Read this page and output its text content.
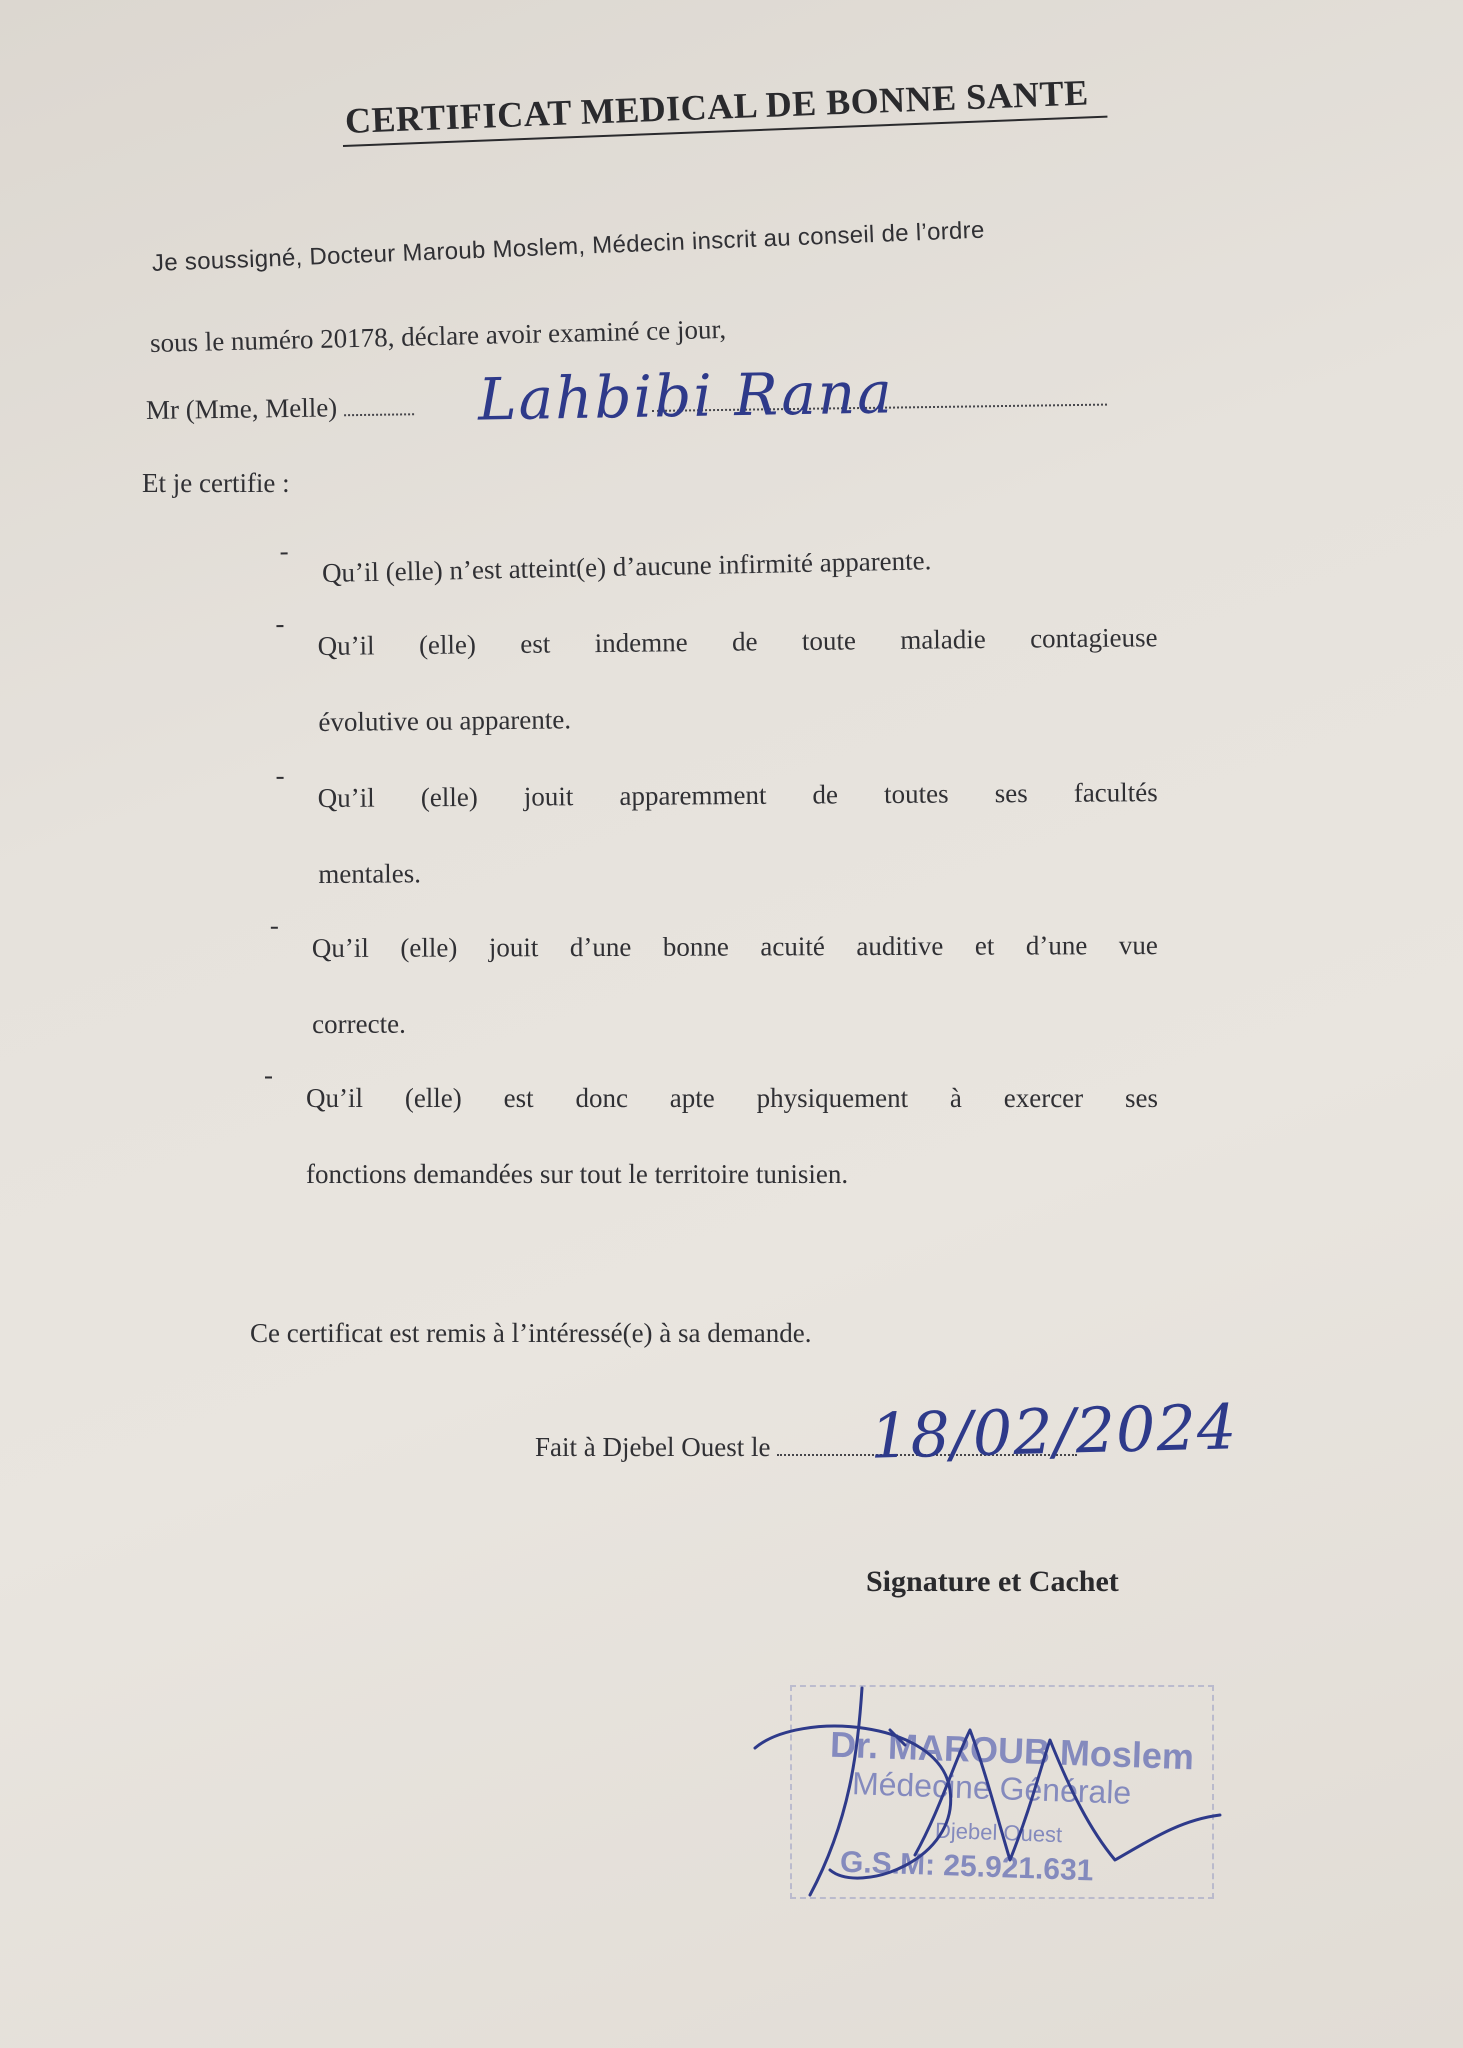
CERTIFICAT MEDICAL DE BONNE SANTE
Je soussigné, Docteur Maroub Moslem, Médecin inscrit au conseil de l’ordre
sous le numéro 20178, déclare avoir examiné ce jour,
Mr (Mme, Melle)	Lahbibi Rana
Et je certifie :
- Qu’il (elle) n’est atteint(e) d’aucune infirmité apparente.

- Qu’il (elle) est indemne de toute maladie contagieuse

évolutive ou apparente.

-

Qu’il (elle) jouit apparemment de toutes ses facultés

mentales.

-

Qu’il (elle) jouit d’une bonne acuité auditive et d’une vue

correcte.

-

Qu’il (elle) est donc apte physiquement à exercer ses

fonctions demandées sur tout le territoire tunisien.

Ce certificat est remis à l’intéressé(e) à sa demande.
Fait à Djebel Ouest le	18/02/2024
Signature et Cachet
Dr. MAROUB Moslem
Médecine Générale
Djebel Ouest
G.S.M: 25.921.631
